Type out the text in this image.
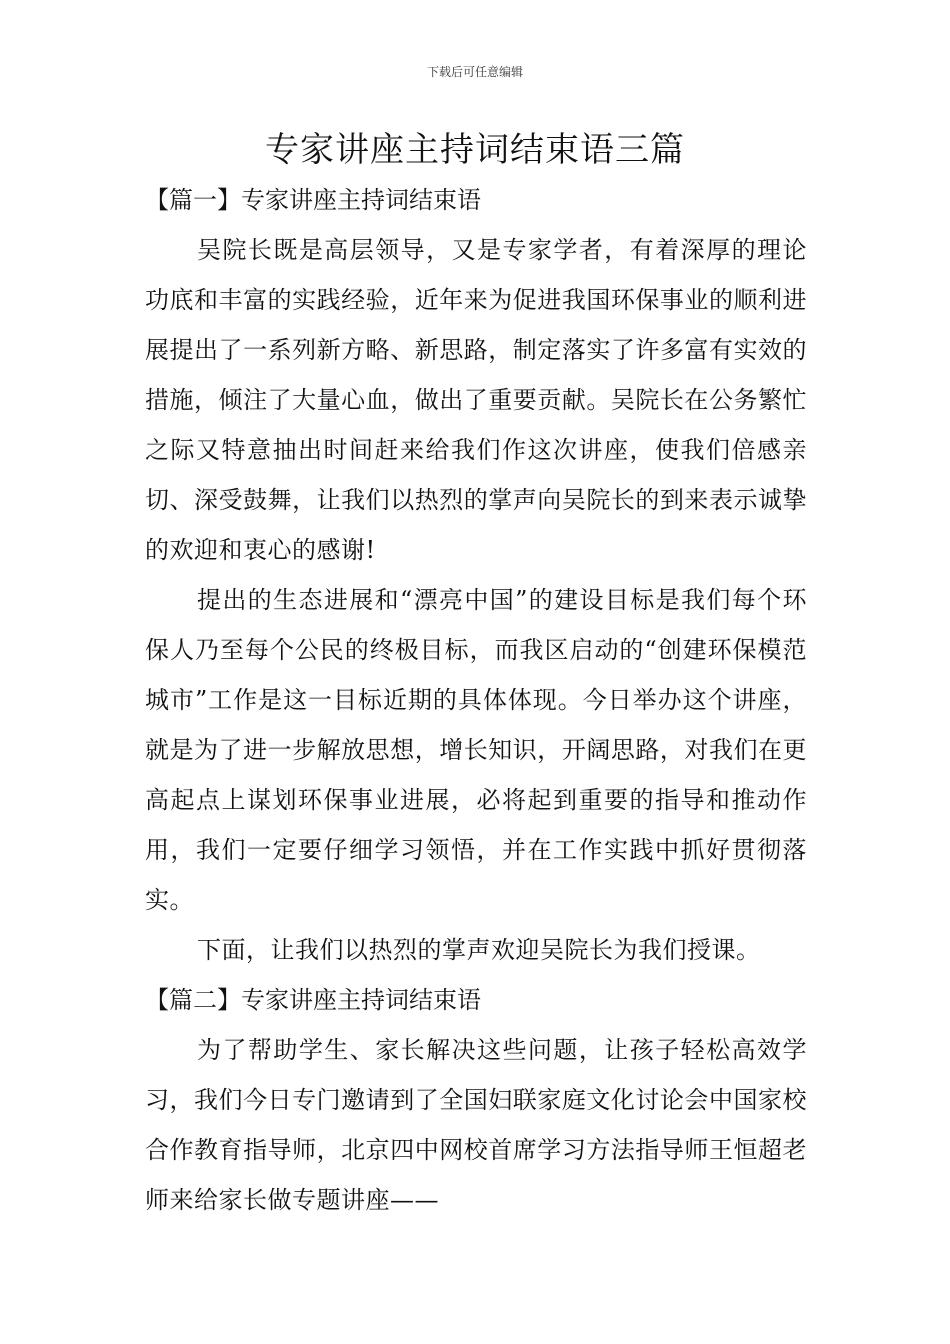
下载后可任意编辑
专家讲座主持词结束语三篇

【篇一】专家讲座主持词结束语

吴院长既是高层领导，又是专家学者，有着深厚的理论功底和丰富的实践经验，近年来为促进我国环保事业的顺利进展提出了一系列新方略、新思路，制定落实了许多富有实效的措施，倾注了大量心血，做出了重要贡献。吴院长在公务繁忙之际又特意抽出时间赶来给我们作这次讲座，使我们倍感亲切、深受鼓舞，让我们以热烈的掌声向吴院长的到来表示诚挚的欢迎和衷心的感谢!

提出的生态进展和“漂亮中国”的建设目标是我们每个环保人乃至每个公民的终极目标，而我区启动的“创建环保模范城市”工作是这一目标近期的具体体现。今日举办这个讲座，就是为了进一步解放思想，增长知识，开阔思路，对我们在更高起点上谋划环保事业进展，必将起到重要的指导和推动作用，我们一定要仔细学习领悟，并在工作实践中抓好贯彻落实。

下面，让我们以热烈的掌声欢迎吴院长为我们授课。

【篇二】专家讲座主持词结束语

为了帮助学生、家长解决这些问题，让孩子轻松高效学习，我们今日专门邀请到了全国妇联家庭文化讨论会中国家校合作教育指导师，北京四中网校首席学习方法指导师王恒超老师来给家长做专题讲座——
